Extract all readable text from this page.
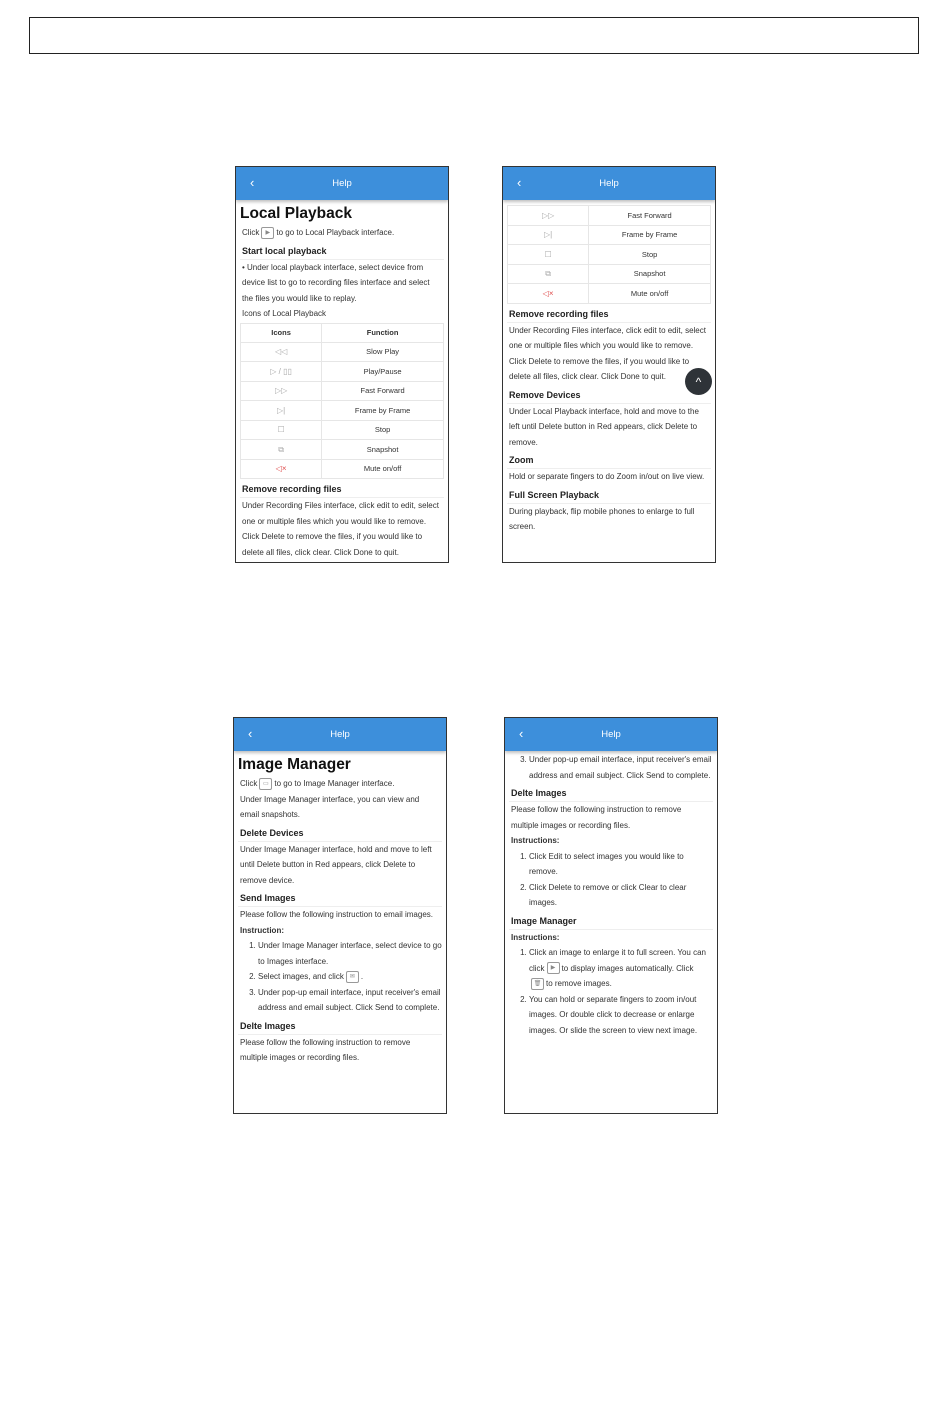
‹	Help
Local Playback
Click ▶ to go to Local Playback interface.
Start local playback
• Under local playback interface, select device from device list to go to recording files interface and select the files you would like to replay.
Icons of Local Playback
Icons	Function
◁◁	Slow Play
▷ / ▯▯	Play/Pause
▷▷	Fast Forward
▷|	Frame by Frame
☐	Stop
⧉	Snapshot
◁×	Mute on/off
Remove recording files
Under Recording Files interface, click edit to edit, select one or multiple files which you would like to remove. Click Delete to remove the files, if you would like to delete all files, click clear. Click Done to quit.
‹	Help
▷▷	Fast Forward
▷|	Frame by Frame
☐	Stop
⧉	Snapshot
◁×	Mute on/off
Remove recording files
Under Recording Files interface, click edit to edit, select one or multiple files which you would like to remove. Click Delete to remove the files, if you would like to delete all files, click clear. Click Done to quit.
Remove Devices
Under Local Playback interface, hold and move to the left until Delete button in Red appears, click Delete to remove.
Zoom
Hold or separate fingers to do Zoom in/out on live view.
Full Screen Playback
During playback, flip mobile phones to enlarge to full screen.
^
‹	Help
Image Manager
Click ▭ to go to Image Manager interface.
Under Image Manager interface, you can view and email snapshots.
Delete Devices
Under Image Manager interface, hold and move to left until Delete button in Red appears, click Delete to remove device.
Send Images
Please follow the following instruction to email images.
Instruction:
1. Under Image Manager interface, select device to go to Images interface.
2. Select images, and click ✉ .
3. Under pop-up email interface, input receiver's email address and email subject. Click Send to complete.
Delte Images
Please follow the following instruction to remove multiple images or recording files.
‹	Help
3. Under pop-up email interface, input receiver's email address and email subject. Click Send to complete.
Delte Images
Please follow the following instruction to remove multiple images or recording files.
Instructions:
1. Click Edit to select images you would like to remove.
2. Click Delete to remove or click Clear to clear images.
Image Manager
Instructions:
1. Click an image to enlarge it to full screen. You can click ▶ to display images automatically. Click
🗑 to remove images.
2. You can hold or separate fingers to zoom in/out images. Or double click to decrease or enlarge images. Or slide the screen to view next image.
